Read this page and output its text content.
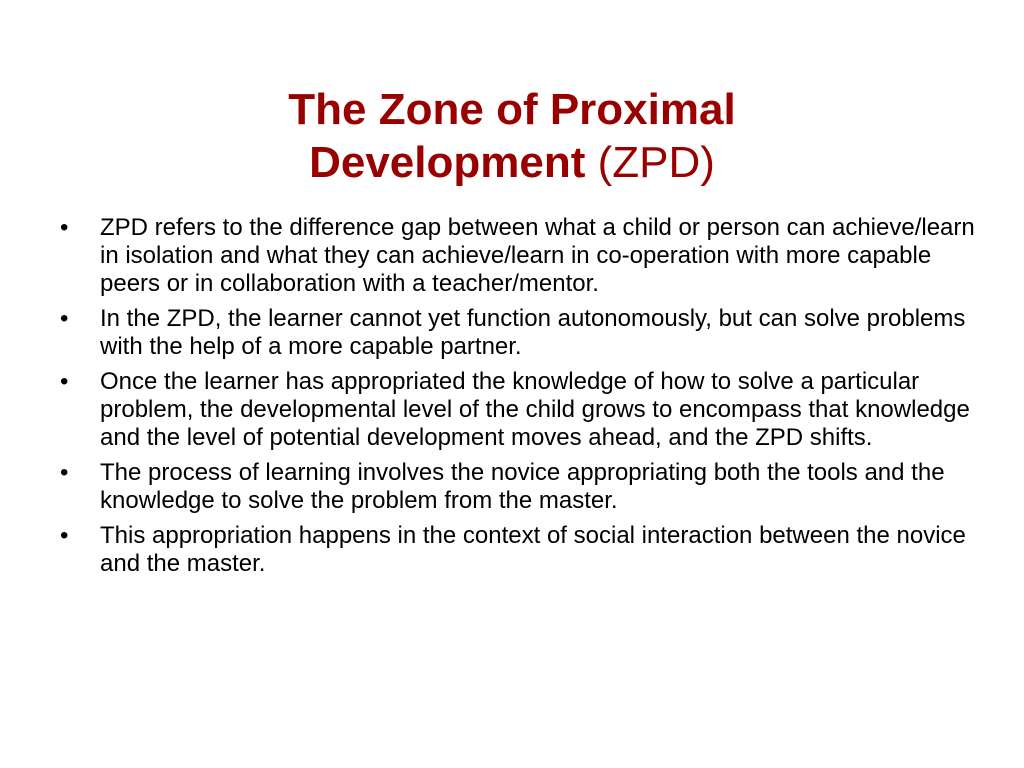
The Zone of Proximal
Development (ZPD)
•	ZPD refers to the difference gap between what a child or person can achieve/learn in isolation and what they can achieve/learn in co-operation with more capable peers or in collaboration with a teacher/mentor.
•	In the ZPD, the learner cannot yet function autonomously, but can solve problems with the help of a more capable partner.
•	Once the learner has appropriated the knowledge of how to solve a particular problem, the developmental level of the child grows to encompass that knowledge and the level of potential development moves ahead, and the ZPD shifts.
•	The process of learning involves the novice appropriating both the tools and the knowledge to solve the problem from the master.
•	This appropriation happens in the context of social interaction between the novice and the master.
